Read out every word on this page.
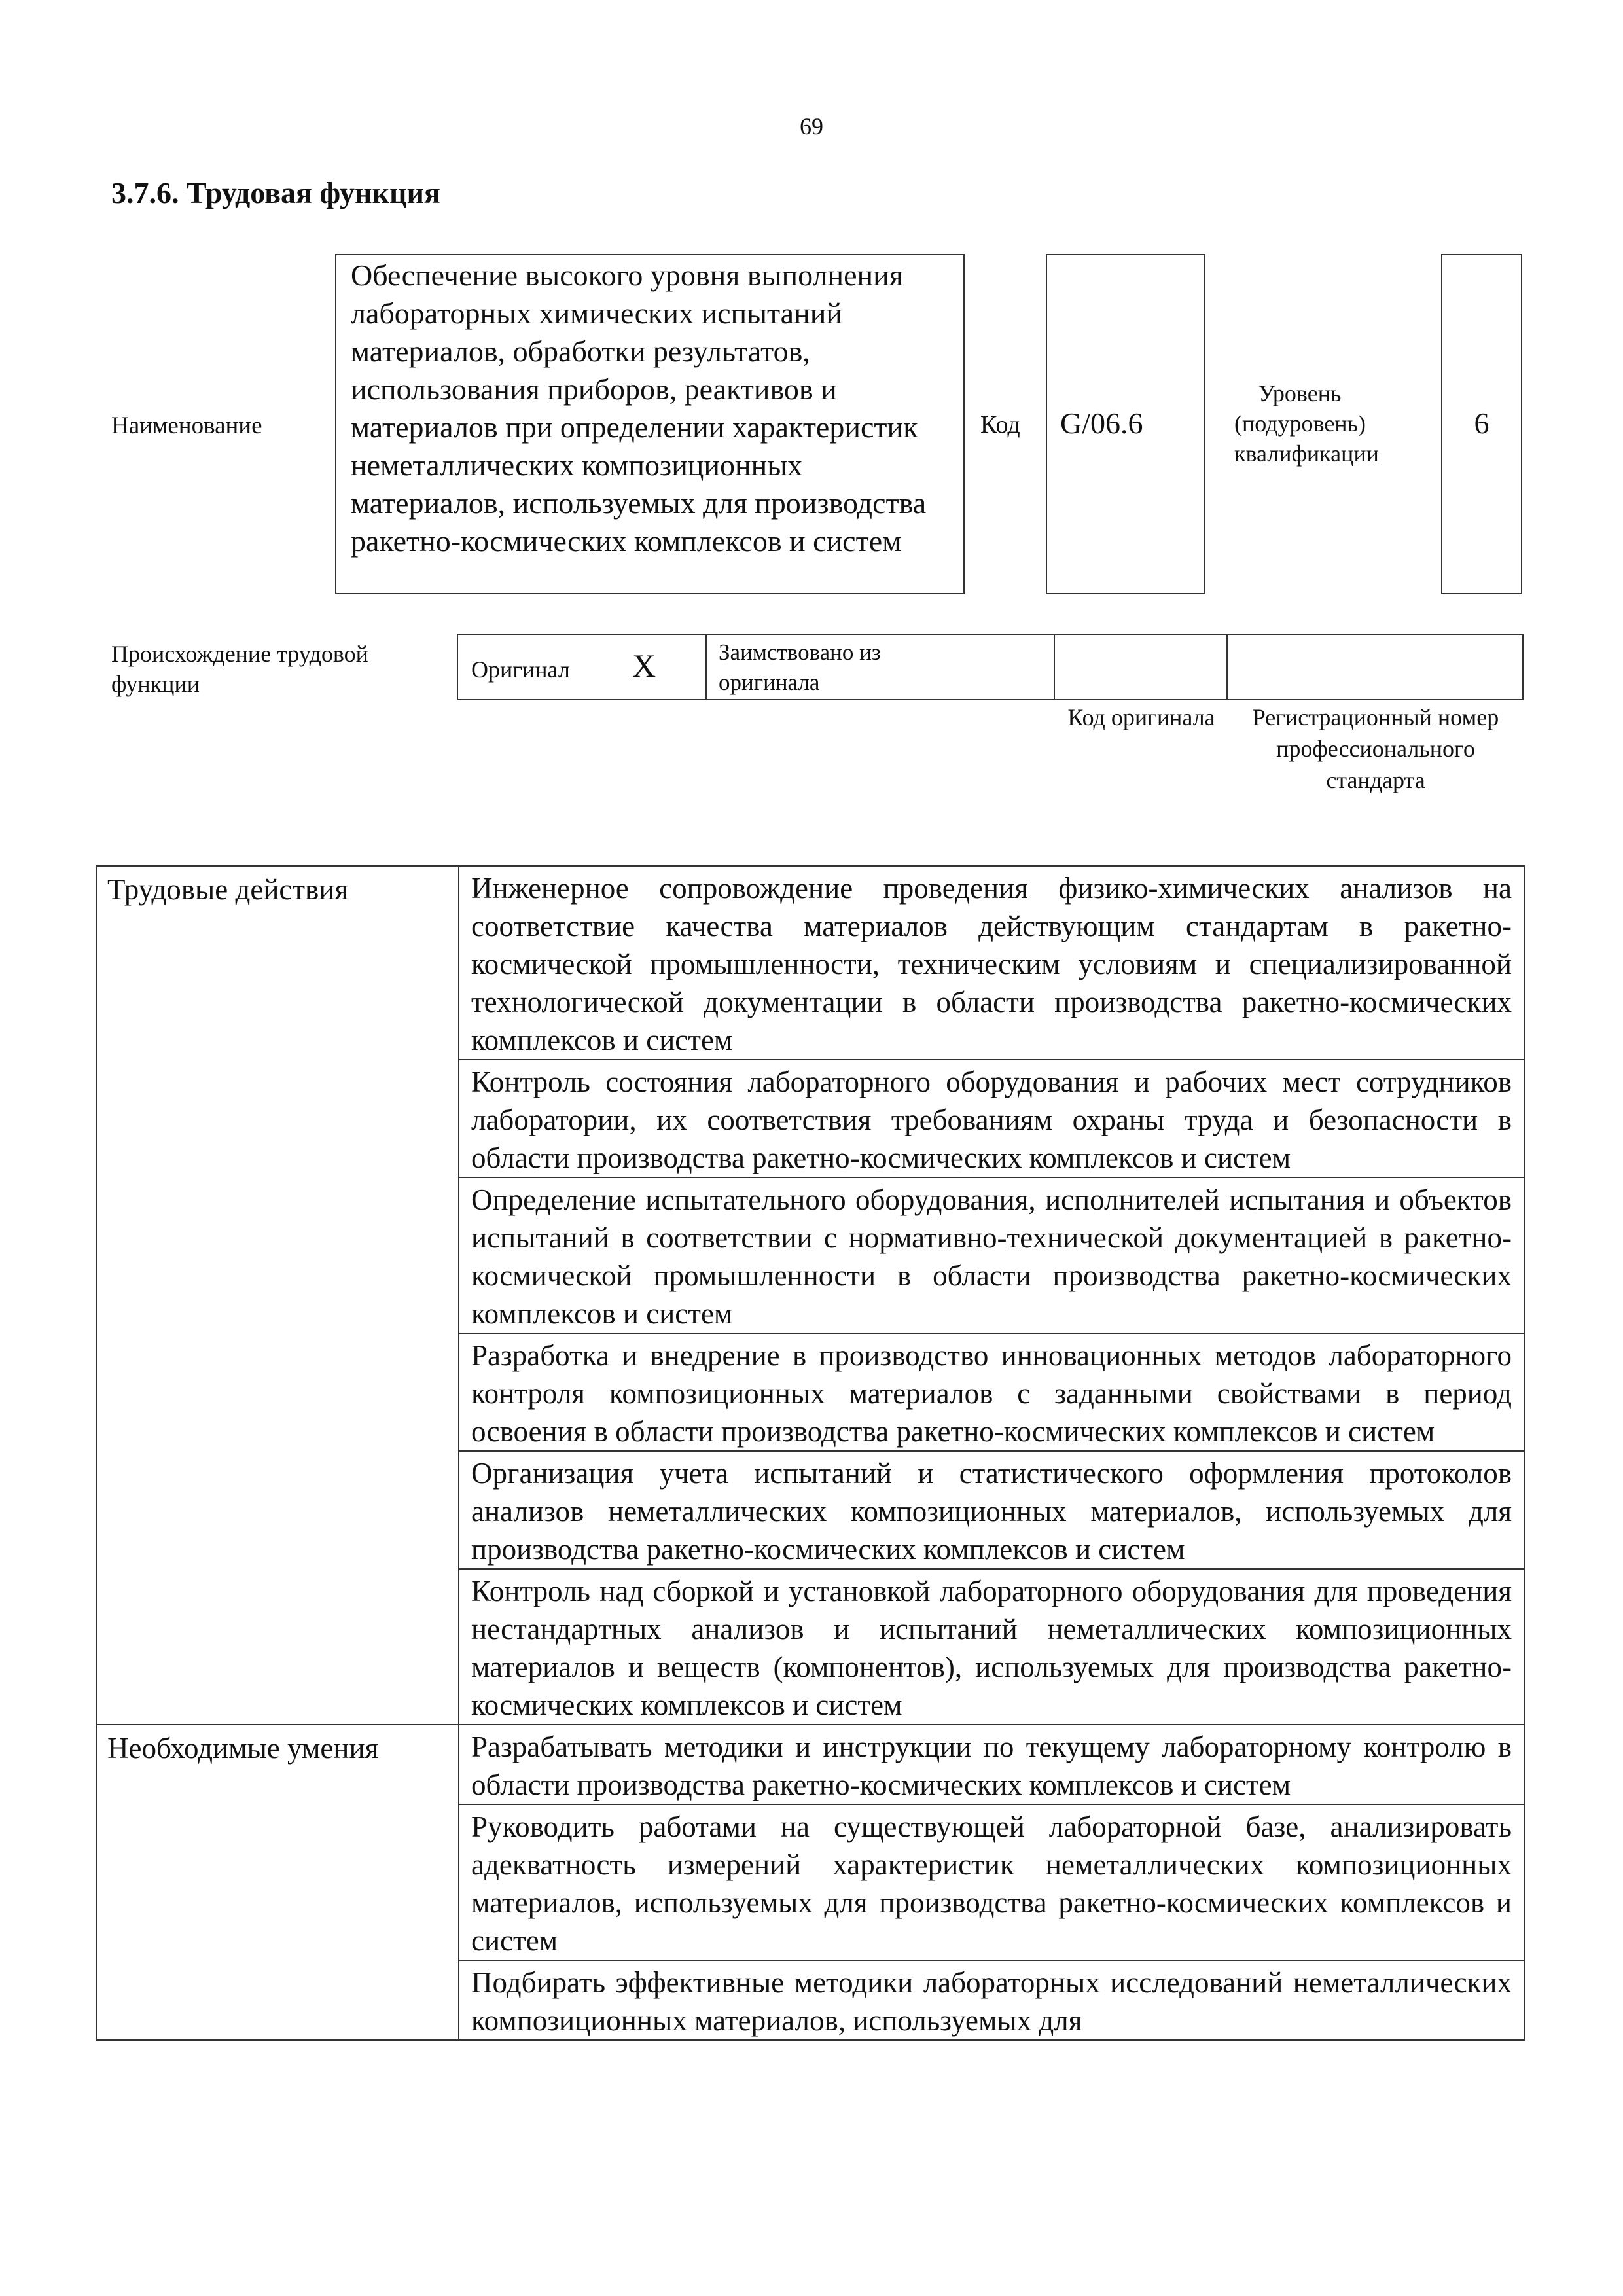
69
3.7.6. Трудовая функция
Наименование
Обеспечение высокого уровня выполнения лабораторных химических испытаний материалов, обработки результатов, использования приборов, реактивов и материалов при определении характеристик неметаллических композиционных материалов, используемых для производства ракетно-космических комплексов и систем
Код G/06.6
Уровень (подуровень) квалификации
6
Происхождение трудовой функции
Оригинал X	Заимствовано из оригинала
Код оригинала	Регистрационный номер профессионального стандарта
Трудовые действия	Инженерное сопровождение проведения физико-химических анализов на соответствие качества материалов действующим стандартам в ракетно-космической промышленности, техническим условиям и специализированной технологической документации в области производства ракетно-космических комплексов и систем
	Контроль состояния лабораторного оборудования и рабочих мест сотрудников лаборатории, их соответствия требованиям охраны труда и безопасности в области производства ракетно-космических комплексов и систем
	Определение испытательного оборудования, исполнителей испытания и объектов испытаний в соответствии с нормативно-технической документацией в ракетно-космической промышленности в области производства ракетно-космических комплексов и систем
	Разработка и внедрение в производство инновационных методов лабораторного контроля композиционных материалов с заданными свойствами в период освоения в области производства ракетно-космических комплексов и систем
	Организация учета испытаний и статистического оформления протоколов анализов неметаллических композиционных материалов, используемых для производства ракетно-космических комплексов и систем
	Контроль над сборкой и установкой лабораторного оборудования для проведения нестандартных анализов и испытаний неметаллических композиционных материалов и веществ (компонентов), используемых для производства ракетно-космических комплексов и систем
Необходимые умения	Разрабатывать методики и инструкции по текущему лабораторному контролю в области производства ракетно-космических комплексов и систем
	Руководить работами на существующей лабораторной базе, анализировать адекватность измерений характеристик неметаллических композиционных материалов, используемых для производства ракетно-космических комплексов и систем
	Подбирать эффективные методики лабораторных исследований неметаллических композиционных материалов, используемых для
